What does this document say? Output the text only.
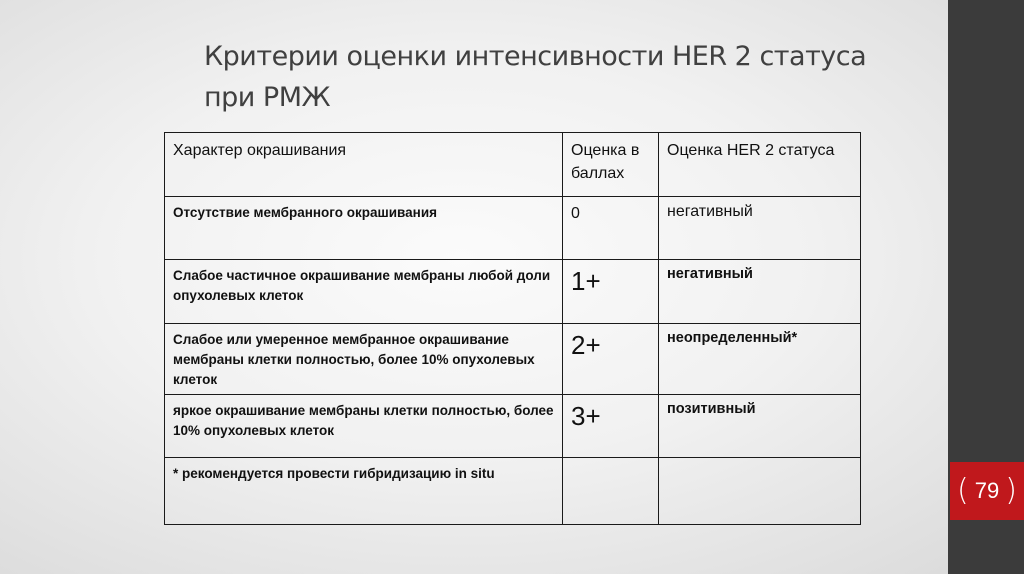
Критерии оценки интенсивности HER 2 статуса
при РМЖ
Характер окрашивания	Оценка в баллах	Оценка HER 2 статуса
Отсутствие мембранного окрашивания	0	негативный
Слабое частичное окрашивание мембраны любой доли опухолевых клеток	1+	негативный
Слабое или умеренное мембранное окрашивание мембраны клетки полностью, более 10% опухолевых клеток	2+	неопределенный*
яркое окрашивание мембраны клетки полностью, более 10% опухолевых клеток	3+	позитивный
* рекомендуется провести гибридизацию in situ			( 79 )
